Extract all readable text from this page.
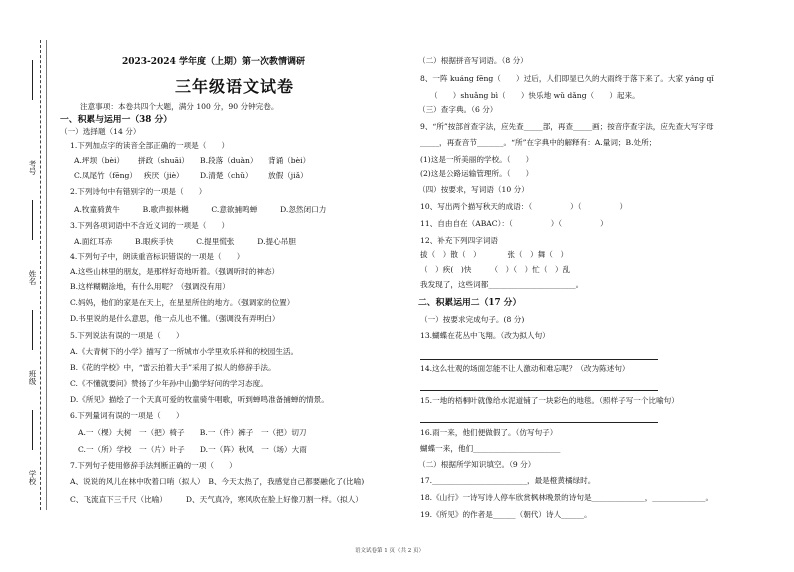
考号
姓名
班级
学校
2023-2024 学年度（上期）第一次教情调研
三年级语文试卷
注意事项：本卷共四个大题，满分 100 分，90 分钟完卷。
一、积累与运用一（38 分）
（一）选择题（14 分）
1.下列加点字的读音全部正确的一项是（　　）
A.坪坝（bèi） 拼政（shuāi） B.段落（duàn） 背诵（bèi）
C.凤尾竹（fēng） 疾厌（jiè） D.清楚（chǔ） 放假（jiǎ）
2.下列诗句中有错别字的一项是（　　）
A.牧童骑黄牛　　　B.歌声振林樾　　　C.意欲捕鸣蝉　　　D.忽然闭口力
3.下列各项词语中不含近义词的一项是（　　）
A.面红耳赤　　　B.眼疾手快　　　C.提里慌张　　　D.提心吊胆
4.下列句子中，朗读重音标识错误的一项是（　　）
A.这些山林里的朋友，是那样好奇地听着。（强调听时的神态）
B.这样糊糊涂地，有什么用呢？（强调没有用）
C.妈妈，他们的家是在天上，在星星所住的地方。（强调家的位置）
D.书里说的是什么意思，他一点儿也不懂。（强调没有弄明白）
5.下列说法有误的一项是（　　）
A.《大青树下的小学》描写了一所城市小学里欢乐祥和的校园生活。
B.《花的学校》中，“雷云拍着大手”采用了拟人的修辞手法。
C.《不懂就要问》赞扬了少年孙中山勤学好问的学习态度。
D.《所见》描绘了一个天真可爱的牧童骑牛唱歌，听到蝉鸣准备捕蝉的情景。
6.下列量词有误的一项是（　　）
A.一（棵）大树　一（把）椅子　　B.一（件）裤子　一（把）切刀
C.一（所）学校　一（片）叶子　　D.一（阵）秋风　一（场）大雨
7.下列句子使用修辞手法判断正确的一项（　　）
A、说说的风儿在林中吹着口哨（拟人）　B、今天太热了，我感觉自己都要融化了(比喻)
C、飞流直下三千尺（比喻）　　　D、天气真冷，寒风吹在脸上好像刀割一样。（拟人）
（二）根据拼音写词语。（8 分）
8、一阵 kuáng fēng（　　）过后，人们即显已久的大雨终于落下来了。大家 yáng qǐ
（　　）shuǎng bì（　　）快乐地 wǔ dǎng（　　）起来。
（三）查字典。（6 分）
9、“所”按部首查字法，应先查_____部，再查_____画；按音序查字法，应先查大写字母
_____，再查音节_______。“所”在字典中的解释有：A.量词；B.处所；
(1)这是一所美丽的学校。（　　）
(2)这是公路运输管理所。（　　）
（四）按要求，写词语（10 分）
10、写出两个描写秋天的成语：（　　　　　）（　　　　　）
11、自由自在（ABAC）：（　　　　　）（　　　　　）
12、补充下列四字词语
拔（　）散（　）　　　　张（　）舞（　）
（　）疾(　)快　　　（　）（　）忙（　）乱
我发现了，这些词都_______________________。
二、积累运用二（17 分）
（一）按要求完成句子。(8 分)
13.蝴蝶在花丛中飞翔。（改为拟人句）
14.这么壮观的场面怎能不让人激动和难忘呢？（改为陈述句）
15.一地的梧桐叶就像给水泥道铺了一块彩色的地毯。（照样子写一个比喻句）
16.雨一来，他们便做假了。（仿写句子）
蝴蝶一来，他们_______________________
（二）根据所学知识填空。（9 分）
17._________________________，最是橙黄橘绿时。
18.《山行》一诗写诗人停车欣赏枫林晚景的诗句是______________，______________。
19.《所见》的作者是______（朝代）诗人______。
语文试卷第 1 页（共 2 页）
